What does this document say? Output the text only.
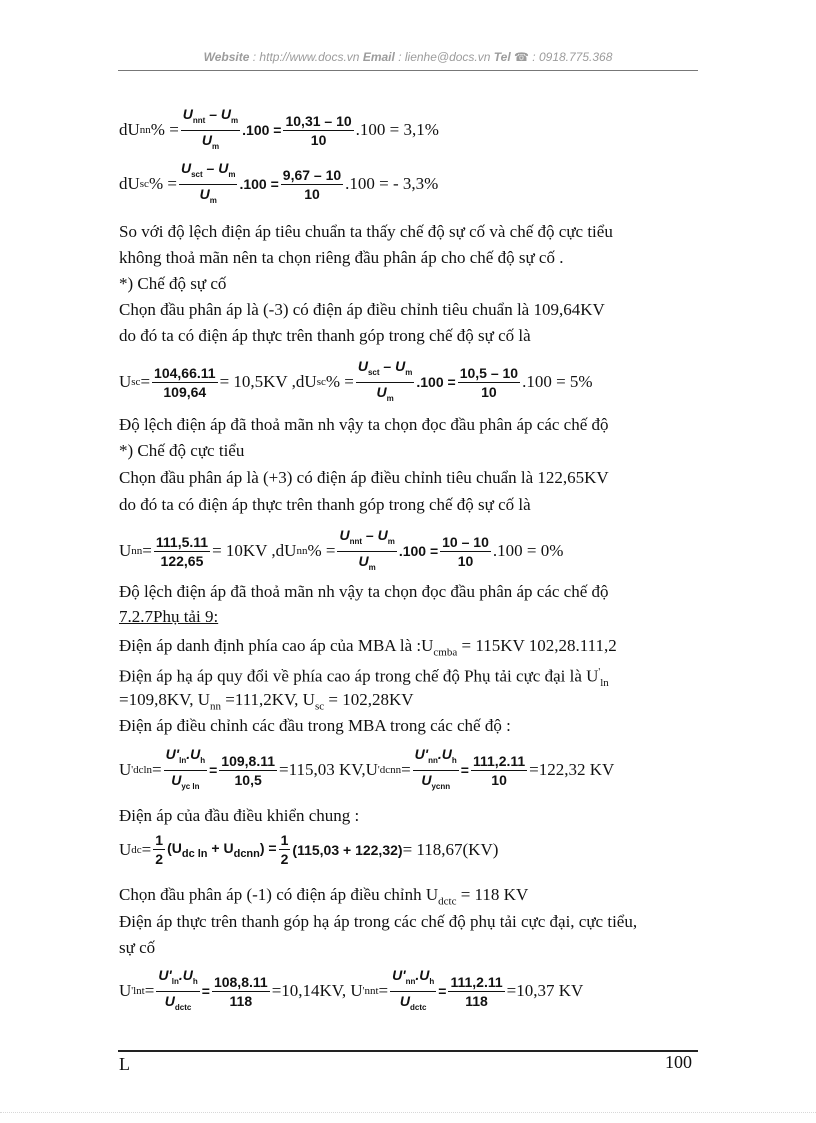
Website : http://www.docs.vn Email : lienhe@docs.vn Tel ☎ : 0918.775.368
dU nn % = $\frac{U_{nnt} - U_m}{U_m} .100 = \frac{10,31 - 10}{10} .100 = 3,1\%$
dU sc % = $\frac{U_{sct} - U_m}{U_m} .100 = \frac{9,67 - 10}{10} .100$ = - 3,3%
So với độ lệch điện áp tiêu chuẩn ta thấy chế độ sự cố và chế độ cực tiểu
không thoả mãn nên ta chọn riêng đầu phân áp cho chế độ sự cố .
*) Chế độ sự cố
Chọn đầu phân áp là (-3) có điện áp điều chỉnh tiêu chuẩn là 109,64KV
do đó ta có điện áp thực trên thanh góp trong chế độ sự cố là
U sc = $\frac{104,66.11}{109,64} = 10,5KV$ ,dU sc % = $\frac{U_{sct} - U_m}{U_m} .100 = \frac{10,5 - 10}{10} .100 = 5\%$
Độ lệch điện áp đã thoả mãn nh vậy ta chọn đọc đầu phân áp các chế độ
*) Chế độ cực tiểu
Chọn đầu phân áp là (+3) có điện áp điều chỉnh tiêu chuẩn là 122,65KV
do đó ta có điện áp thực trên thanh góp trong chế độ sự cố là
U nn = $\frac{111,5.11}{122,65} = 10KV$ ,dU nn % = $\frac{U_{nnt} - U_m}{U_m} .100 = \frac{10 - 10}{10} .100 = 0\%$
Độ lệch điện áp đã thoả mãn nh vậy ta chọn đọc đầu phân áp các chế độ
7.2.7Phụ tải 9:
Điện áp danh định phía cao áp của MBA là $:U_{cmba} = 115KV$ 102,28.111,2
Điện áp hạ áp quy đổi về phía cao áp trong chế độ Phụ tải cực đại là $U'_{ln}$
=109,8KV, $U_{nn} =111,2KV$, $U_{sc} = 102,28KV$
Điện áp điều chỉnh các đầu trong MBA trong các chế độ :
U ' $dcln = \frac{U'_{ln}.U_h}{U_{yc ln}} = \frac{109,8.11}{10,5} =115,03$ KV,U ' dcnn = $\frac{U'_{nn}.U_h}{U_{ycnn}} = \frac{111,2.11}{10} =122,32$ KV
Điện áp của đầu điều khiển chung :
U dc = $\frac{1}{2} (U_{dc ln} + U_{dcnn}) = \frac{1}{2} (115,03 + 122,32) = 118,67(KV)$
Chọn đầu phân áp (-1) có điện áp điều chỉnh $U_{dctc} = 118$ KV
Điện áp thực trên thanh góp hạ áp trong các chế độ phụ tải cực đại, cực tiểu,
sự cố
U ' $\ln t = \frac{U'_{ln}.U_h}{U_{dctc}} = \frac{108,8.11}{118} =10,14KV$, U ' nnt = $\frac{U'_{nn}.U_h}{U_{dctc}} = \frac{111,2.11}{118} =10,37$ KV
L	100
